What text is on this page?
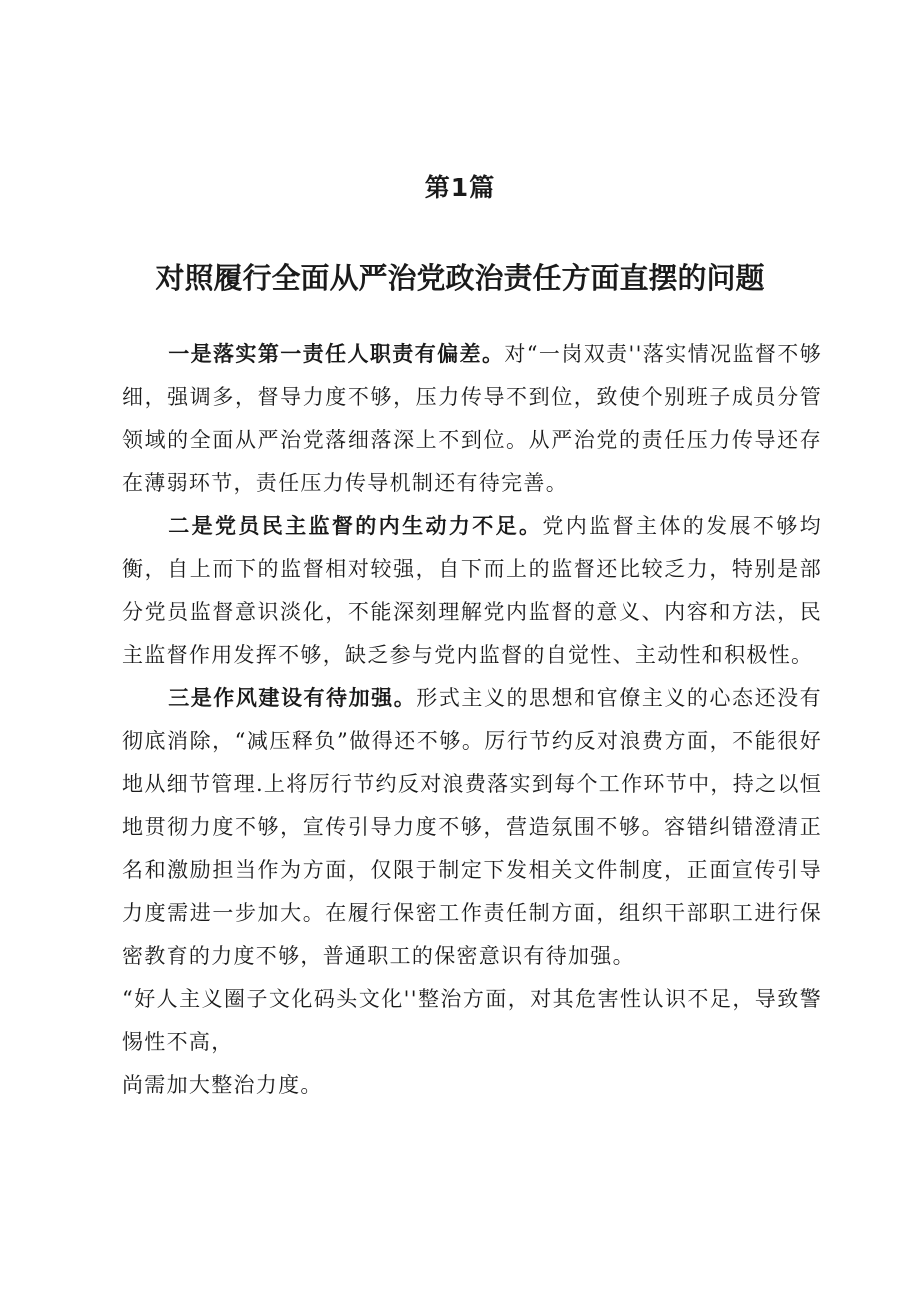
第1篇
对照履行全面从严治党政治责任方面直摆的问题

一是落实第一责任人职责有偏差。对“一岗双责''落实情况监督不够细，强调多，督导力度不够，压力传导不到位，致使个别班子成员分管领域的全面从严治党落细落深上不到位。从严治党的责任压力传导还存在薄弱环节，责任压力传导机制还有待完善。

二是党员民主监督的内生动力不足。党内监督主体的发展不够均衡，自上而下的监督相对较强，自下而上的监督还比较乏力，特别是部分党员监督意识淡化，不能深刻理解党内监督的意义、内容和方法，民主监督作用发挥不够，缺乏参与党内监督的自觉性、主动性和积极性。

三是作风建设有待加强。形式主义的思想和官僚主义的心态还没有彻底消除，“减压释负”做得还不够。厉行节约反对浪费方面，不能很好地从细节管理.上将厉行节约反对浪费落实到每个工作环节中，持之以恒地贯彻力度不够，宣传引导力度不够，营造氛围不够。容错纠错澄清正名和激励担当作为方面，仅限于制定下发相关文件制度，正面宣传引导力度需进一步加大。在履行保密工作责任制方面，组织干部职工进行保密教育的力度不够，普通职工的保密意识有待加强。

“好人主义圈子文化码头文化''整治方面，对其危害性认识不足，导致警惕性不高，

尚需加大整治力度。
